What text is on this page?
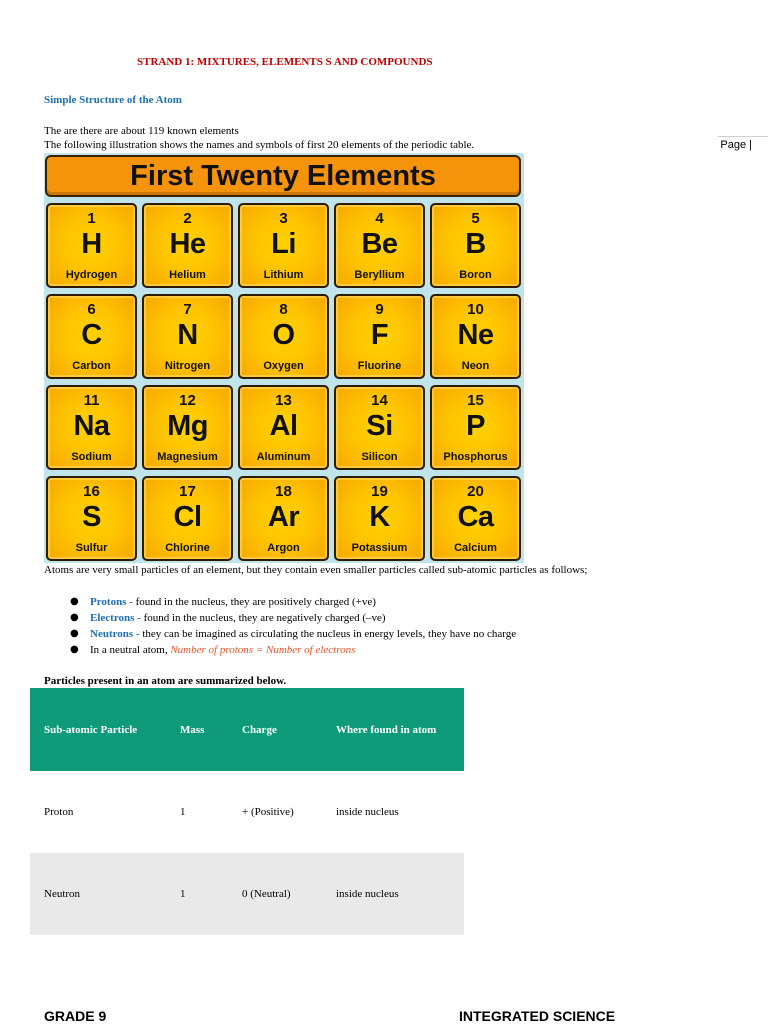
STRAND 1: MIXTURES, ELEMENTS S AND COMPOUNDS
Simple Structure of the Atom
The are there are about 119 known elements
The following illustration shows the names and symbols of first 20 elements of the periodic table.	Page |
First Twenty Elements
1
H
Hydrogen
2
He
Helium
3
Li
Lithium
4
Be
Beryllium
5
B
Boron
6
C
Carbon
7
N
Nitrogen
8
O
Oxygen
9
F
Fluorine
10
Ne
Neon
11
Na
Sodium
12
Mg
Magnesium
13
Al
Aluminum
14
Si
Silicon
15
P
Phosphorus
16
S
Sulfur
17
Cl
Chlorine
18
Ar
Argon
19
K
Potassium
20
Ca
Calcium
Atoms are very small particles of an element, but they contain even smaller particles called sub-atomic particles as follows;
● Protons - found in the nucleus, they are positively charged (+ve)
● Electrons - found in the nucleus, they are negatively charged (–ve)
● Neutrons - they can be imagined as circulating the nucleus in energy levels, they have no charge
● In a neutral atom, Number of protons = Number of electrons
Particles present in an atom are summarized below.
Sub-atomic Particle	Mass	Charge	Where found in atom
Proton	1	+ (Positive)	inside nucleus
Neutron	1	0 (Neutral)	inside nucleus
GRADE 9	INTEGRATED SCIENCE
